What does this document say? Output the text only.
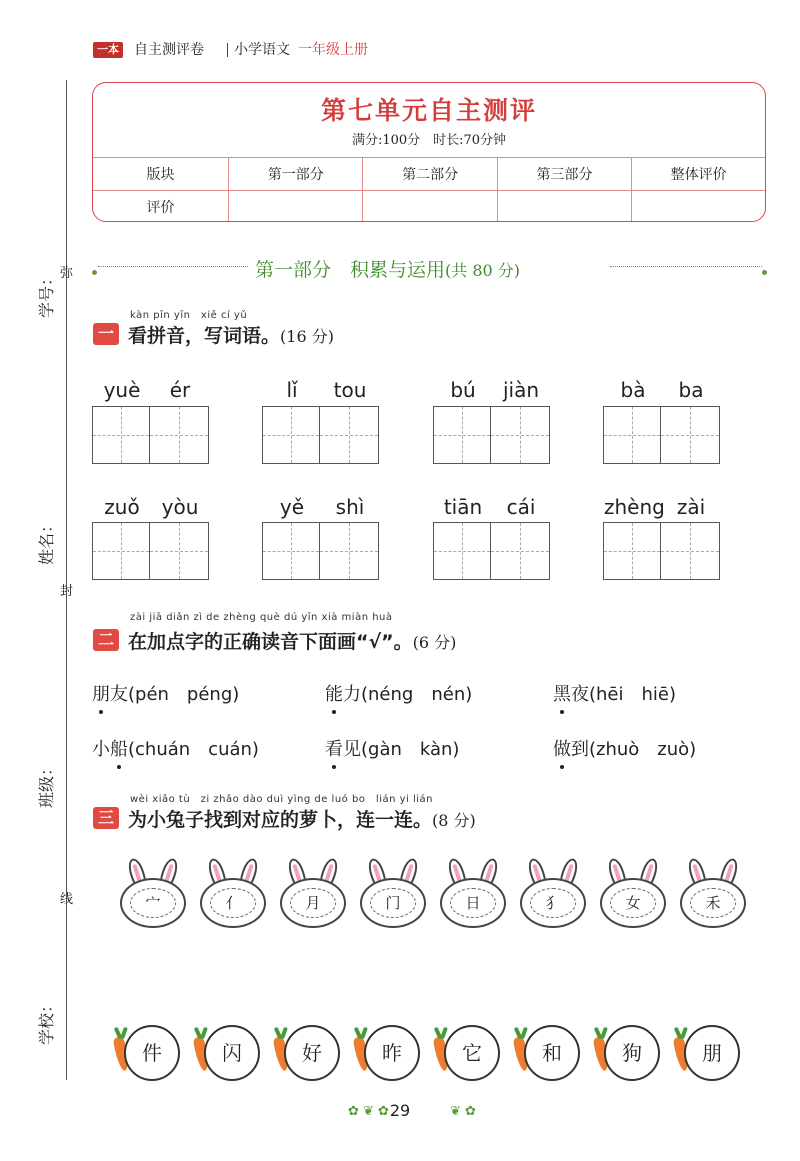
一本 自主测评卷 小学语文 一年级上册
学号：
姓名：
班级：
学校：
弥
封
线
第七单元自主测评
满分:100分　时长:70分钟
版块	第一部分	第二部分	第三部分	整体评价
评价				
第一部分　积累与运用(共 80 分)
kàn pīn yīn　xiě cí yǔ
一 看拼音，写词语。(16 分)
yuè ér	lǐ tou	bú jiàn	bà ba
zuǒ yòu	yě shì	tiān cái	zhèng zài
zài jiā diǎn zì de zhèng què dú yīn xià miàn huà
二 在加点字的正确读音下面画“√”。(6 分)
朋友(pén　péng)	能力(néng　nén)	黑夜(hēi　hiē)
小船(chuán　cuán)	看见(gàn　kàn)	做到(zhuò　zuò)
wèi xiǎo tù　zi zhǎo dào duì yìng de luó bo　lián yi lián
三 为小兔子找到对应的萝卜，连一连。(8 分)
宀	亻	月	门	日	犭	女	禾
件	闪	好	昨	它	和	狗	朋
✿ ❦ ✿ 29	❦ ✿
